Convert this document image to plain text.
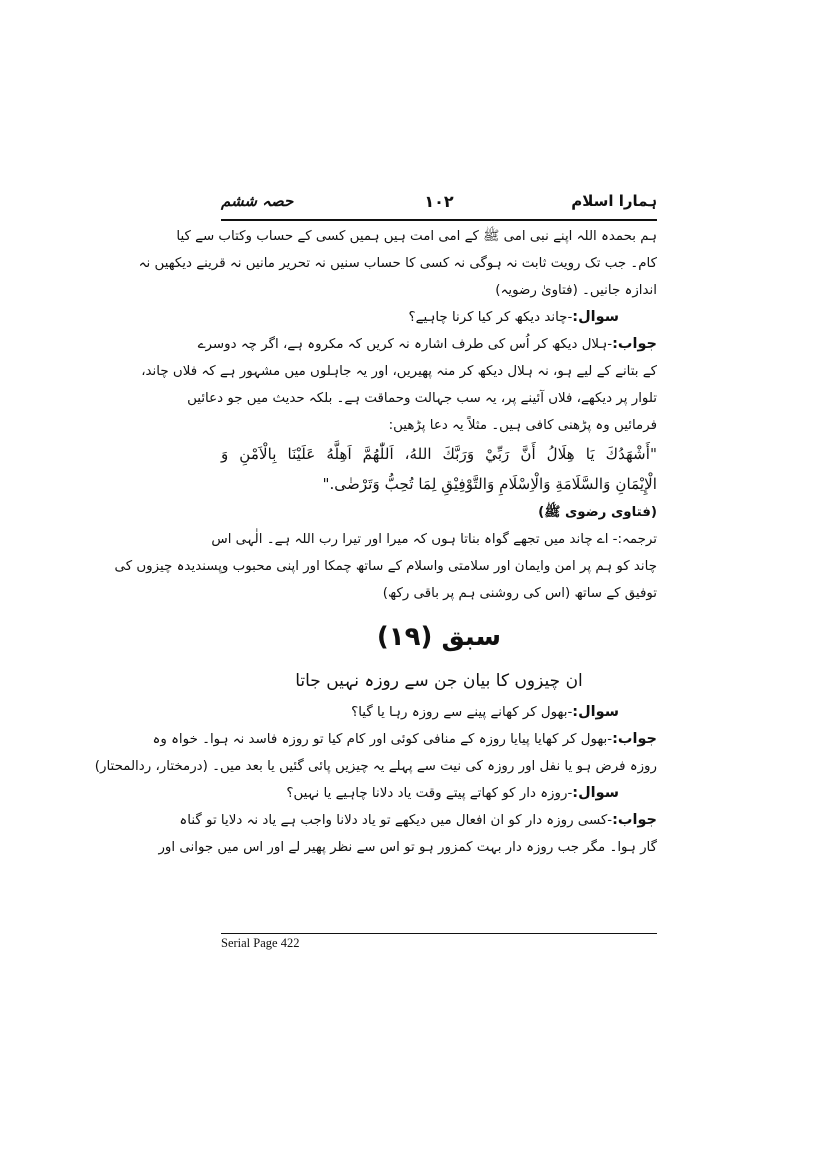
ہمارا اسلام
۱۰۲
حصہ ششم
ہم بحمدہ اللہ اپنے نبی امی ﷺ کے امی امت ہیں ہمیں کسی کے حساب وکتاب سے کیا
کام۔ جب تک رویت ثابت نہ ہوگی نہ کسی کا حساب سنیں نہ تحریر مانیں نہ قرینے دیکھیں نہ
اندازہ جانیں۔ (فتاویٰ رضویہ)
سوال:-چاند دیکھ کر کیا کرنا چاہیے؟
جواب:-ہلال دیکھ کر اُس کی طرف اشارہ نہ کریں کہ مکروہ ہے، اگر چہ دوسرے
کے بتانے کے لیے ہو، نہ ہلال دیکھ کر منہ پھیریں، اور یہ جاہلوں میں مشہور ہے کہ فلاں چاند،
تلوار پر دیکھے، فلاں آئینے پر، یہ سب جہالت وحماقت ہے۔ بلکہ حدیث میں جو دعائیں
فرمائیں وہ پڑھنی کافی ہیں۔ مثلاً یہ دعا پڑھیں:
"أَشْهَدُكَ يَا هِلَالُ أَنَّ رَبِّيْ وَرَبَّكَ اللهُ، اَللّٰهُمَّ اَهِلَّهُ عَلَيْنَا بِالْاَمْنِ وَ
الْإِيْمَانِ وَالسَّلَامَةِ وَالْاِسْلَامِ وَالتَّوْفِيْقِ لِمَا تُحِبُّ وَتَرْضٰى."
(فتاوی رضوی ﷺ)
ترجمہ:- اے چاند میں تجھے گواہ بناتا ہوں کہ میرا اور تیرا رب اللہ ہے۔ الٰہی اس
چاند کو ہم پر امن وایمان اور سلامتی واسلام کے ساتھ چمکا اور اپنی محبوب وپسندیدہ چیزوں کی
توفیق کے ساتھ (اس کی روشنی ہم پر باقی رکھ)
سبق (۱۹)
ان چیزوں کا بیان جن سے روزہ نہیں جاتا
سوال:-بھول کر کھانے پینے سے روزہ رہا یا گیا؟
جواب:-بھول کر کھایا پیایا روزہ کے منافی کوئی اور کام کیا تو روزہ فاسد نہ ہوا۔ خواہ وہ
روزہ فرض ہو یا نفل اور روزہ کی نیت سے پہلے یہ چیزیں پائی گئیں یا بعد میں۔ (درمختار، ردالمحتار)
سوال:-روزہ دار کو کھاتے پیتے وقت یاد دلانا چاہیے یا نہیں؟
جواب:-کسی روزہ دار کو ان افعال میں دیکھے تو یاد دلانا واجب ہے یاد نہ دلایا تو گناہ
گار ہوا۔ مگر جب روزہ دار بہت کمزور ہو تو اس سے نظر پھیر لے اور اس میں جوانی اور
Serial Page 422
